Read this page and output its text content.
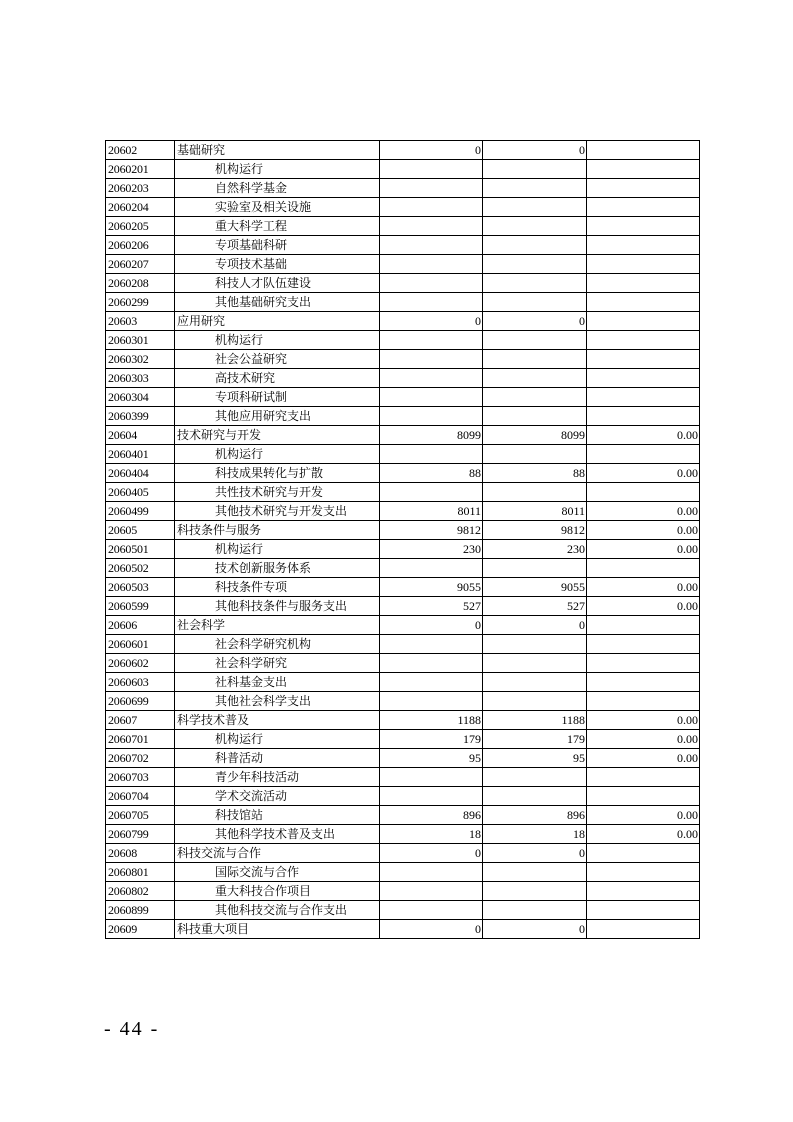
20602	基础研究	0	0	
2060201	机构运行			
2060203	自然科学基金			
2060204	实验室及相关设施			
2060205	重大科学工程			
2060206	专项基础科研			
2060207	专项技术基础			
2060208	科技人才队伍建设			
2060299	其他基础研究支出			
20603	应用研究	0	0	
2060301	机构运行			
2060302	社会公益研究			
2060303	高技术研究			
2060304	专项科研试制			
2060399	其他应用研究支出			
20604	技术研究与开发	8099	8099	0.00
2060401	机构运行			
2060404	科技成果转化与扩散	88	88	0.00
2060405	共性技术研究与开发			
2060499	其他技术研究与开发支出	8011	8011	0.00
20605	科技条件与服务	9812	9812	0.00
2060501	机构运行	230	230	0.00
2060502	技术创新服务体系			
2060503	科技条件专项	9055	9055	0.00
2060599	其他科技条件与服务支出	527	527	0.00
20606	社会科学	0	0	
2060601	社会科学研究机构			
2060602	社会科学研究			
2060603	社科基金支出			
2060699	其他社会科学支出			
20607	科学技术普及	1188	1188	0.00
2060701	机构运行	179	179	0.00
2060702	科普活动	95	95	0.00
2060703	青少年科技活动			
2060704	学术交流活动			
2060705	科技馆站	896	896	0.00
2060799	其他科学技术普及支出	18	18	0.00
20608	科技交流与合作	0	0	
2060801	国际交流与合作			
2060802	重大科技合作项目			
2060899	其他科技交流与合作支出			
20609	科技重大项目	0	0	
- 44 -
